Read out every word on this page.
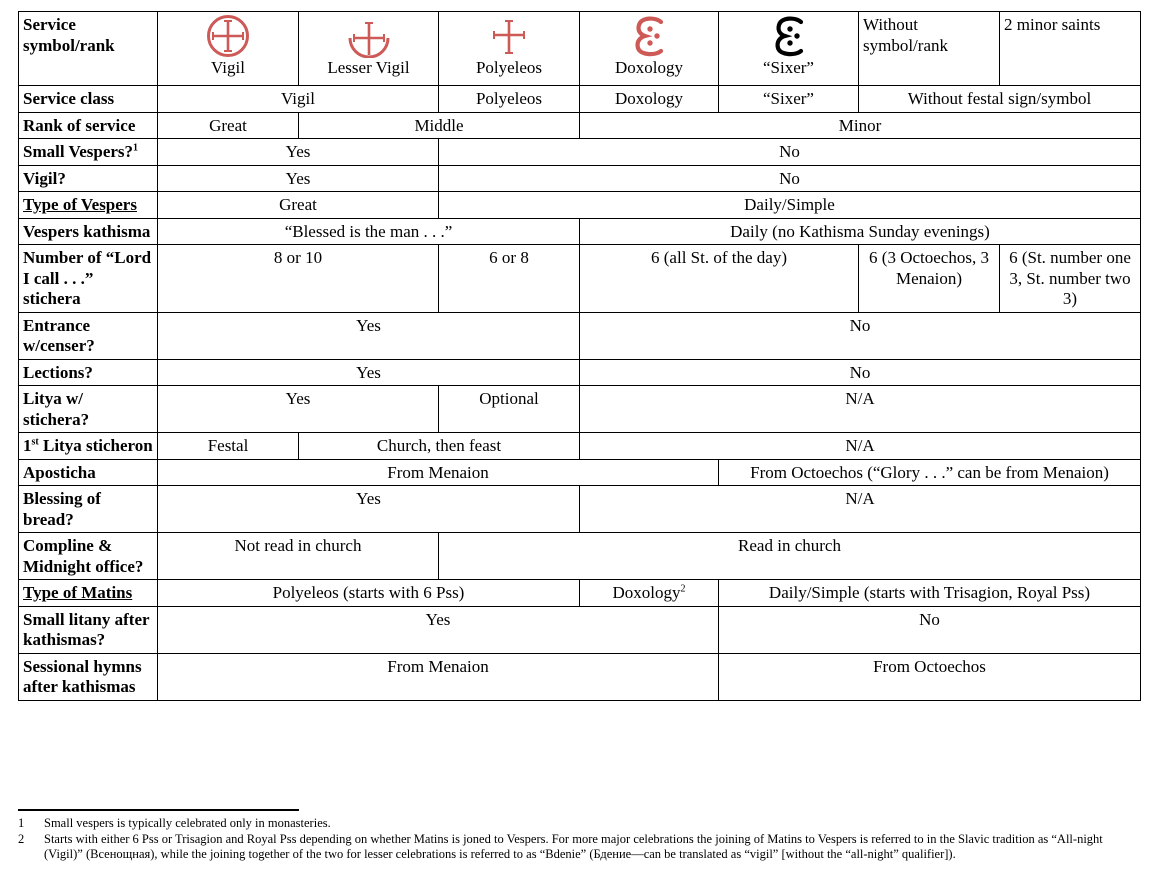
Service symbol/rank	Vigil	Lesser Vigil	Polyeleos	Doxology	“Sixer”	Without symbol/rank	2 minor saints
Service class	Vigil		Polyeleos	Doxology	“Sixer”	Without festal sign/symbol	
Rank of service	Great	Middle		Minor			
Small Vespers?$^1$	Yes		No				
Vigil?	Yes		No				
Type of Vespers	Great		Daily/Simple				
Vespers kathisma	“Blessed is the man . . .”			Daily (no Kathisma Sunday evenings)			
Number of “Lord I call . . .” stichera	8 or 10		6 or 8	6 (all St. of the day)		6 (3 Octoechos, 3 Menaion)	6 (St. number one 3, St. number two 3)
Entrance w/censer?	Yes			No			
Lections?	Yes			No			
Litya w/ stichera?	Yes		Optional	N/A			
1st Litya sticheron	Festal	Church, then feast		N/A			
Aposticha	From Menaion				From Octoechos (“Glory . . .” can be from Menaion)		
Blessing of bread?	Yes			N/A			
Compline & Midnight office?	Not read in church		Read in church				
Type of Matins	Polyeleos (starts with 6 Pss)			Doxology$^2$	Daily/Simple (starts with Trisagion, Royal Pss)		
Small litany after kathismas?	Yes				No		
Sessional hymns after kathismas	From Menaion				From Octoechos		
1	Small vespers is typically celebrated only in monasteries.
2	Starts with either 6 Pss or Trisagion and Royal Pss depending on whether Matins is joned to Vespers. For more major celebrations the joining of Matins to Vespers is referred to in the Slavic tradition as “All-night (Vigil)” (Всенощная), while the joining together of the two for lesser celebrations is referred to as “Bdenie” (Бдение—can be translated as “vigil” [without the “all-night” qualifier]).
